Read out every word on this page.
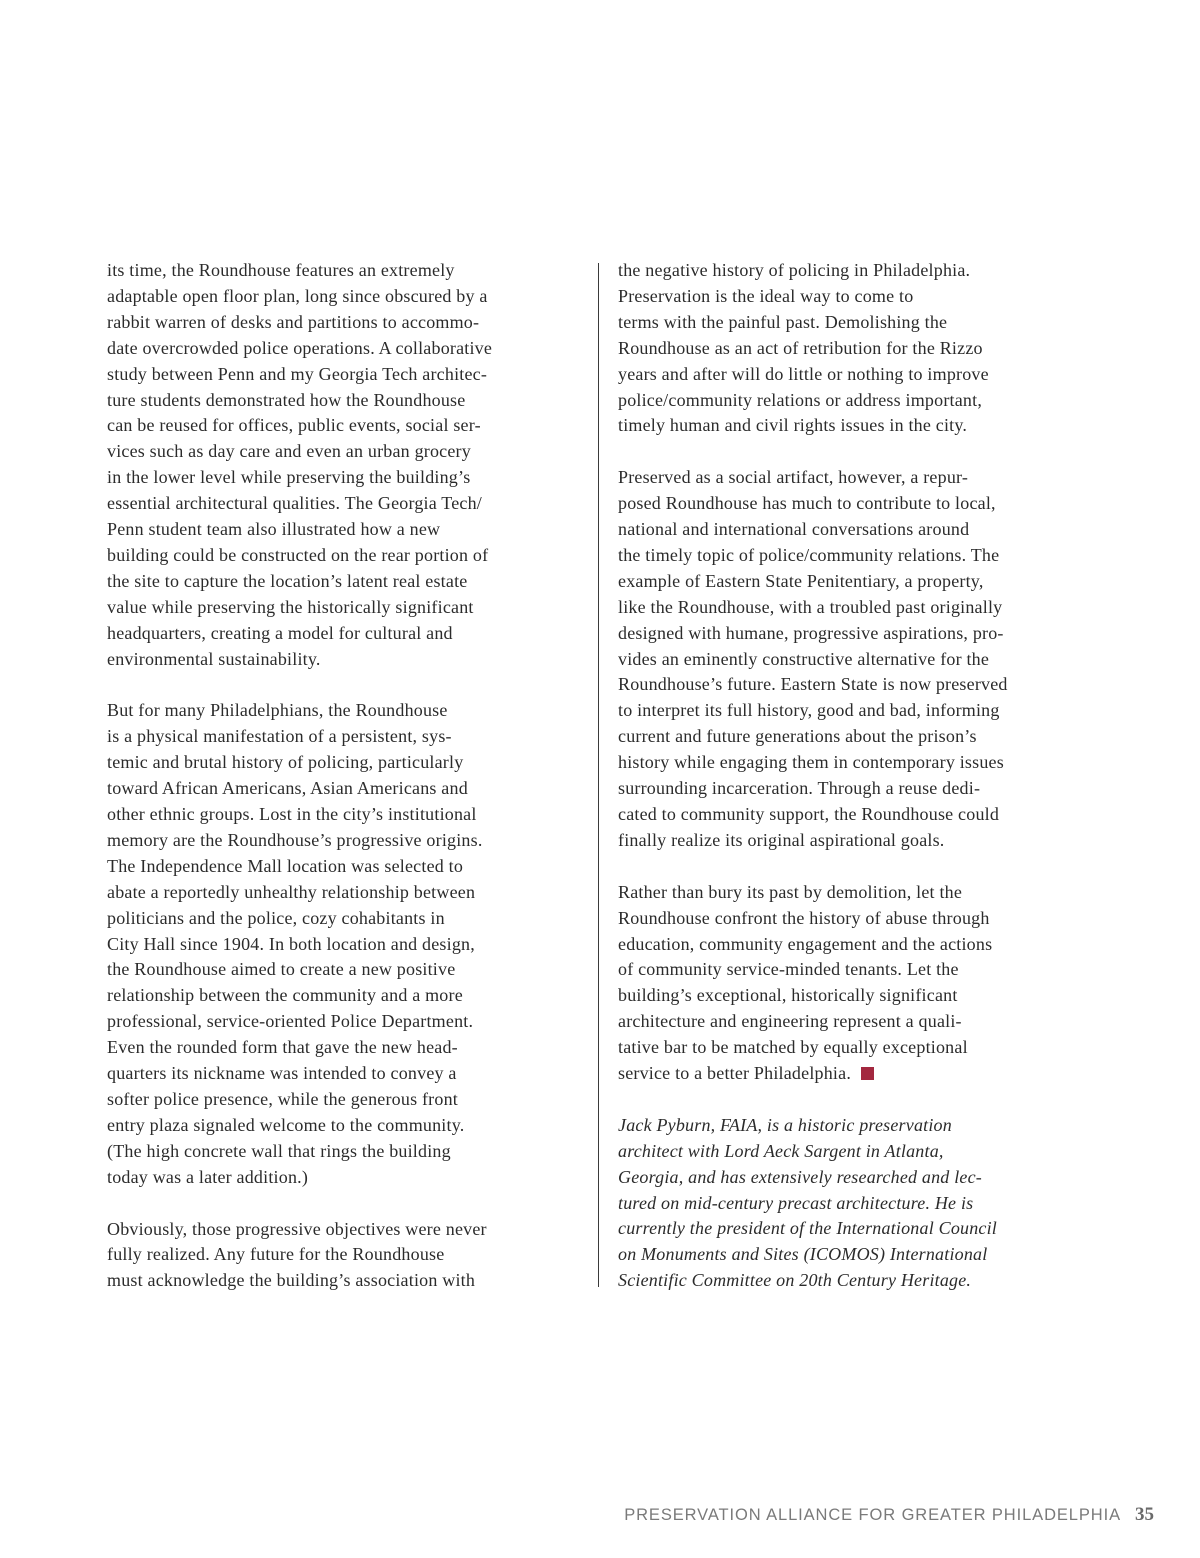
its time, the Roundhouse features an extremely
adaptable open floor plan, long since obscured by a
rabbit warren of desks and partitions to accommo-
date overcrowded police operations. A collaborative
study between Penn and my Georgia Tech architec-
ture students demonstrated how the Roundhouse
can be reused for offices, public events, social ser-
vices such as day care and even an urban grocery
in the lower level while preserving the building’s
essential architectural qualities. The Georgia Tech/
Penn student team also illustrated how a new
building could be constructed on the rear portion of
the site to capture the location’s latent real estate
value while preserving the historically significant
headquarters, creating a model for cultural and
environmental sustainability.

But for many Philadelphians, the Roundhouse
is a physical manifestation of a persistent, sys-
temic and brutal history of policing, particularly
toward African Americans, Asian Americans and
other ethnic groups. Lost in the city’s institutional
memory are the Roundhouse’s progressive origins.
The Independence Mall location was selected to
abate a reportedly unhealthy relationship between
politicians and the police, cozy cohabitants in
City Hall since 1904. In both location and design,
the Roundhouse aimed to create a new positive
relationship between the community and a more
professional, service-oriented Police Department.
Even the rounded form that gave the new head-
quarters its nickname was intended to convey a
softer police presence, while the generous front
entry plaza signaled welcome to the community.
(The high concrete wall that rings the building
today was a later addition.)

Obviously, those progressive objectives were never
fully realized. Any future for the Roundhouse
must acknowledge the building’s association with

the negative history of policing in Philadelphia.
Preservation is the ideal way to come to
terms with the painful past. Demolishing the
Roundhouse as an act of retribution for the Rizzo
years and after will do little or nothing to improve
police/community relations or address important,
timely human and civil rights issues in the city.

Preserved as a social artifact, however, a repur-
posed Roundhouse has much to contribute to local,
national and international conversations around
the timely topic of police/community relations. The
example of Eastern State Penitentiary, a property,
like the Roundhouse, with a troubled past originally
designed with humane, progressive aspirations, pro-
vides an eminently constructive alternative for the
Roundhouse’s future. Eastern State is now preserved
to interpret its full history, good and bad, informing
current and future generations about the prison’s
history while engaging them in contemporary issues
surrounding incarceration. Through a reuse dedi-
cated to community support, the Roundhouse could
finally realize its original aspirational goals.

Rather than bury its past by demolition, let the
Roundhouse confront the history of abuse through
education, community engagement and the actions
of community service-minded tenants. Let the
building’s exceptional, historically significant
architecture and engineering represent a quali-
tative bar to be matched by equally exceptional
service to a better Philadelphia.

Jack Pyburn, FAIA, is a historic preservation
architect with Lord Aeck Sargent in Atlanta,
Georgia, and has extensively researched and lec-
tured on mid-century precast architecture. He is
currently the president of the International Council
on Monuments and Sites (ICOMOS) International
Scientific Committee on 20th Century Heritage.

PRESERVATION ALLIANCE FOR GREATER PHILADELPHIA 35
